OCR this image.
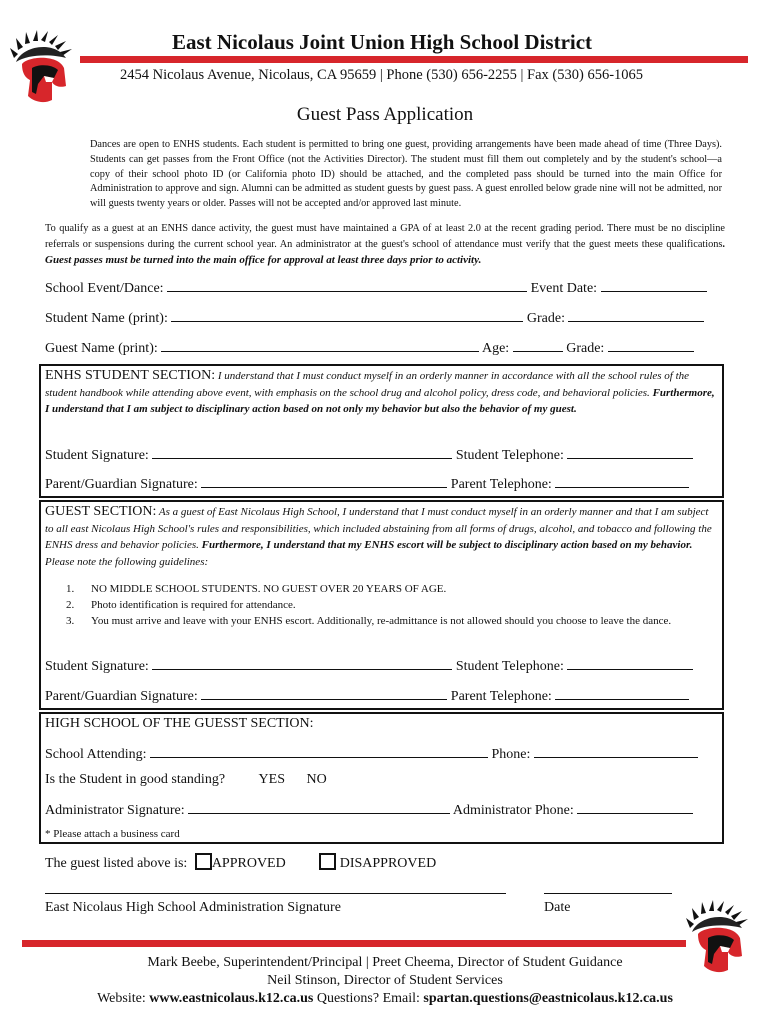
East Nicolaus Joint Union High School District
2454 Nicolaus Avenue, Nicolaus, CA 95659 | Phone (530) 656-2255 | Fax (530) 656-1065
Guest Pass Application
Dances are open to ENHS students. Each student is permitted to bring one guest, providing arrangements have been made ahead of time (Three Days). Students can get passes from the Front Office (not the Activities Director). The student must fill them out completely and by the student's school—a copy of their school photo ID (or California photo ID) should be attached, and the completed pass should be turned into the main Office for Administration to approve and sign. Alumni can be admitted as student guests by guest pass. A guest enrolled below grade nine will not be admitted, nor will guests twenty years or older. Passes will not be accepted and/or approved last minute.
To qualify as a guest at an ENHS dance activity, the guest must have maintained a GPA of at least 2.0 at the recent grading period. There must be no discipline referrals or suspensions during the current school year. An administrator at the guest's school of attendance must verify that the guest meets these qualifications. Guest passes must be turned into the main office for approval at least three days prior to activity.
School Event/Dance:	Event Date:
Student Name (print):	Grade:
Guest Name (print):	Age:	Grade:
ENHS STUDENT SECTION: I understand that I must conduct myself in an orderly manner in accordance with all the school rules of the student handbook while attending above event, with emphasis on the school drug and alcohol policy, dress code, and behavioral policies. Furthermore, I understand that I am subject to disciplinary action based on not only my behavior but also the behavior of my guest.
Student Signature:	Student Telephone:
Parent/Guardian Signature:	Parent Telephone:
GUEST SECTION: As a guest of East Nicolaus High School, I understand that I must conduct myself in an orderly manner and that I am subject to all east Nicolaus High School's rules and responsibilities, which included abstaining from all forms of drugs, alcohol, and tobacco and following the ENHS dress and behavior policies. Furthermore, I understand that my ENHS escort will be subject to disciplinary action based on my behavior. Please note the following guidelines:
1.	NO MIDDLE SCHOOL STUDENTS. NO GUEST OVER 20 YEARS OF AGE.
2.	Photo identification is required for attendance.
3.	You must arrive and leave with your ENHS escort. Additionally, re-admittance is not allowed should you choose to leave the dance.
Student Signature:	Student Telephone:
Parent/Guardian Signature:	Parent Telephone:
HIGH SCHOOL OF THE GUESST SECTION:
School Attending:	Phone:
Is the Student in good standing? YES NO
Administrator Signature:	Administrator Phone:
* Please attach a business card
The guest listed above is: APPROVED	DISAPPROVED
East Nicolaus High School Administration Signature	Date
Mark Beebe, Superintendent/Principal | Preet Cheema, Director of Student Guidance
Neil Stinson, Director of Student Services
Website: www.eastnicolaus.k12.ca.us Questions? Email: spartan.questions@eastnicolaus.k12.ca.us
